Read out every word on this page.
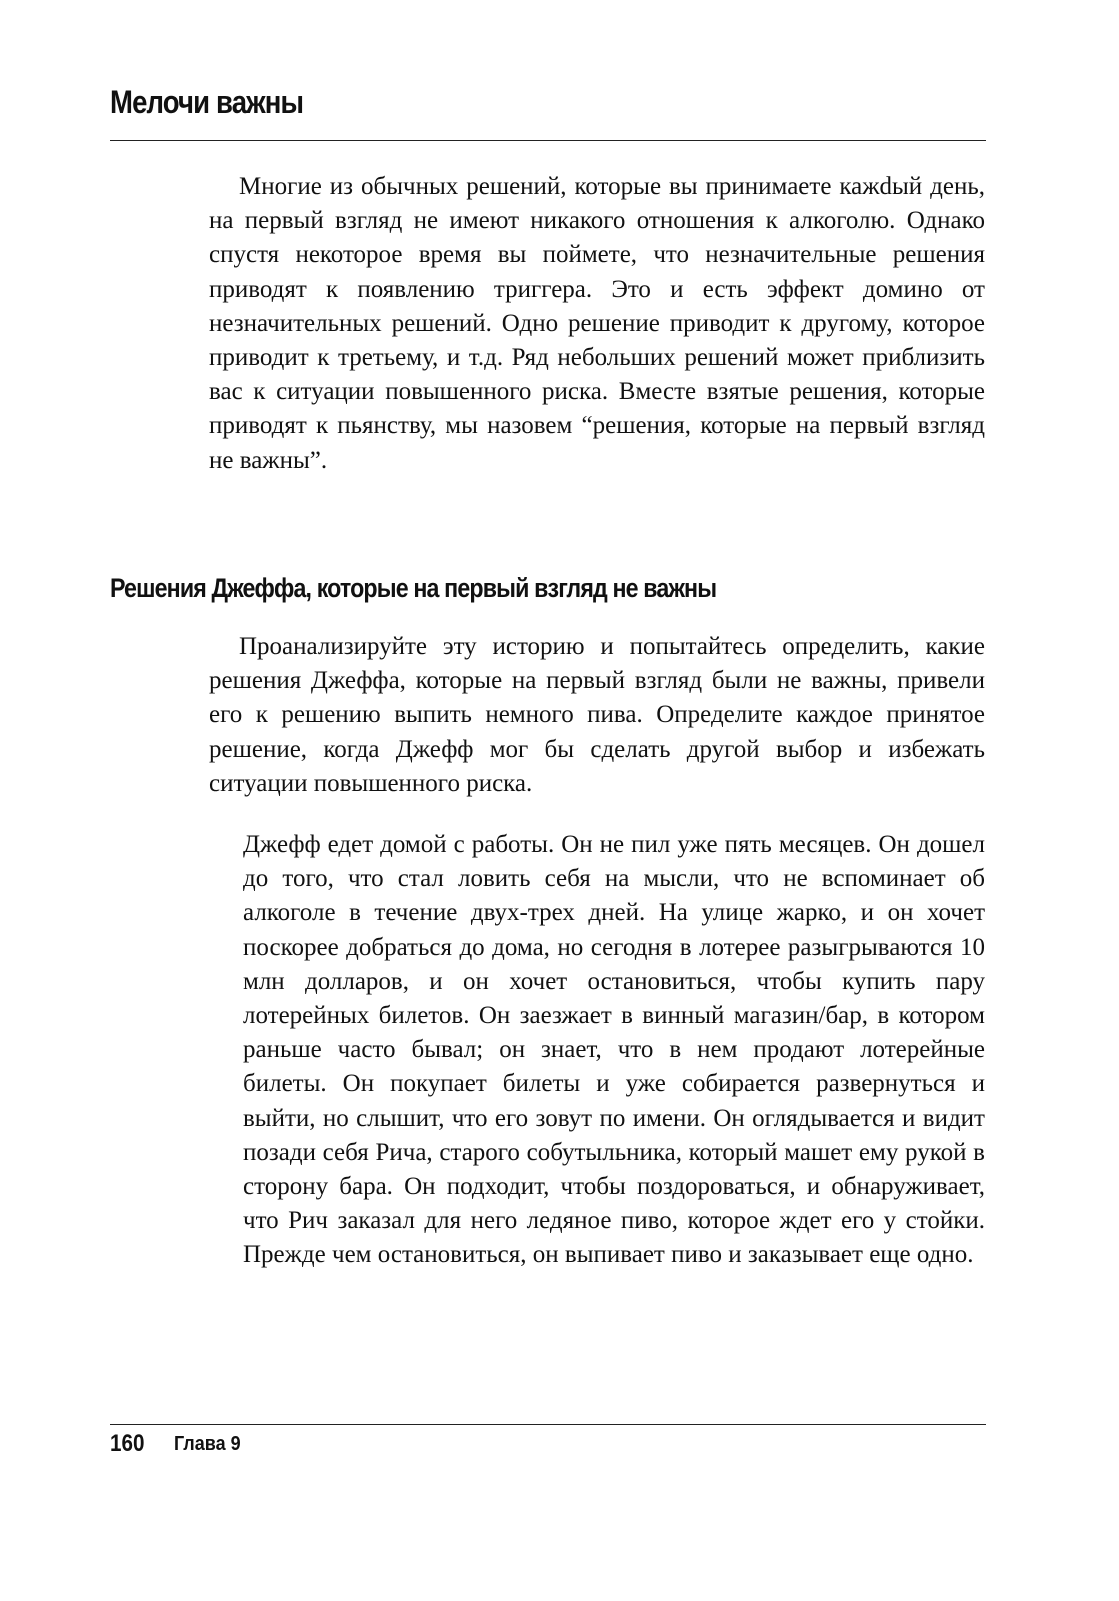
Мелочи важны

Многие из обычных решений, которые вы принимаете кажdый день, на первый взгляд не имеют никакого отношения к алкоголю. Однако спустя некоторое время вы поймете, что незначительные решения приводят к появлению триггера. Это и есть эффект домино от незначительных решений. Одно решение приводит к другому, которое приводит к третьему, и т.д. Ряд небольших решений может приблизить вас к ситуации повышенного риска. Вместе взятые решения, которые приводят к пьянству, мы назовем “решения, которые на первый взгляд не важны”.

Решения Джеффа, которые на первый взгляд не важны

Проанализируйте эту историю и попытайтесь определить, какие решения Джеффа, которые на первый взгляд были не важны, привели его к решению выпить немного пива. Определите каждое принятое решение, когда Джефф мог бы сделать другой выбор и избежать ситуации повышенного риска.

Джефф едет домой с работы. Он не пил уже пять месяцев. Он дошел до того, что стал ловить себя на мысли, что не вспоминает об алкоголе в течение двух-трех дней. На улице жарко, и он хочет поскорее добраться до дома, но сегодня в лотерее разыгрываются 10 млн долларов, и он хочет остановиться, чтобы купить пару лотерейных билетов. Он заезжает в винный магазин/бар, в котором раньше часто бывал; он знает, что в нем продают лотерейные билеты. Он покупает билеты и уже собирается развернуться и выйти, но слышит, что его зовут по имени. Он оглядывается и видит позади себя Рича, старого собутыльника, который машет ему рукой в сторону бара. Он подходит, чтобы поздороваться, и обнаруживает, что Рич заказал для него ледяное пиво, которое ждет его у стойки. Прежде чем остановиться, он выпивает пиво и заказывает еще одно.

160 Глава 9
